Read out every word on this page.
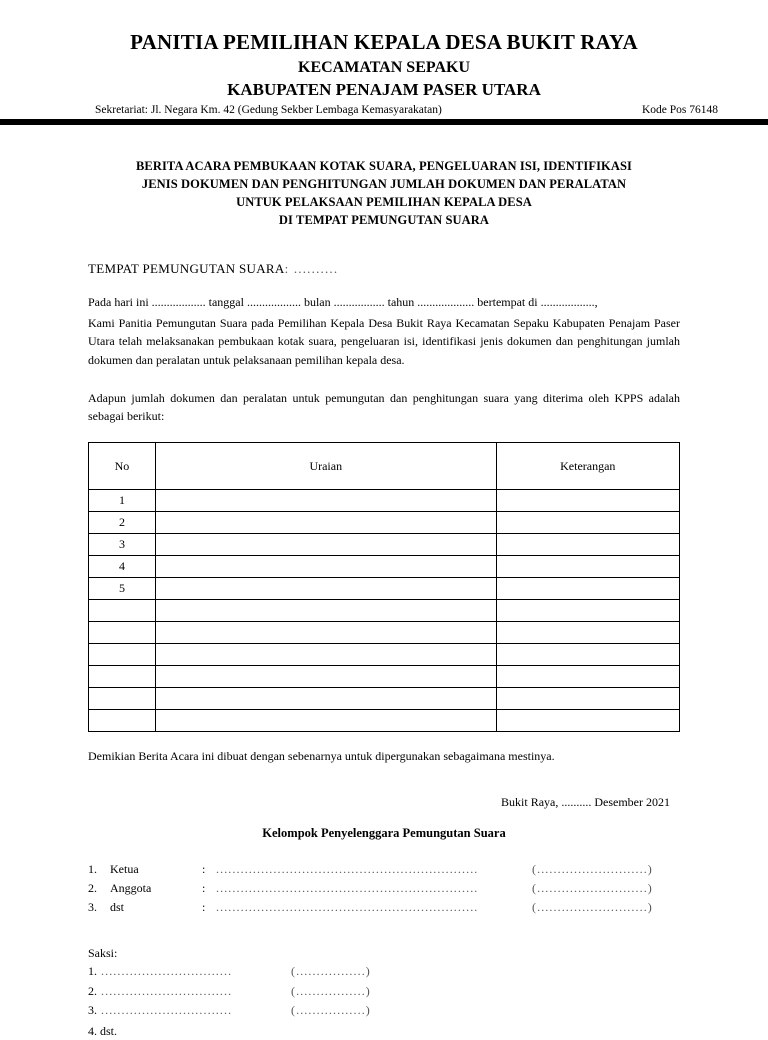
PANITIA PEMILIHAN KEPALA DESA BUKIT RAYA
KECAMATAN SEPAKU
KABUPATEN PENAJAM PASER UTARA
Sekretariat: Jl. Negara Km. 42 (Gedung Sekber Lembaga Kemasyarakatan)	Kode Pos 76148
BERITA ACARA PEMBUKAAN KOTAK SUARA, PENGELUARAN ISI, IDENTIFIKASI
JENIS DOKUMEN DAN PENGHITUNGAN JUMLAH DOKUMEN DAN PERALATAN
UNTUK PELAKSAAN PEMILIHAN KEPALA DESA
DI TEMPAT PEMUNGUTAN SUARA
TEMPAT PEMUNGUTAN SUARA: ..........
Pada hari ini .................. tanggal .................. bulan ................. tahun ................... bertempat di ..................,
Kami Panitia Pemungutan Suara pada Pemilihan Kepala Desa Bukit Raya Kecamatan Sepaku Kabupaten Penajam Paser Utara telah melaksanakan pembukaan kotak suara, pengeluaran isi, identifikasi jenis dokumen dan penghitungan jumlah dokumen dan peralatan untuk pelaksanaan pemilihan kepala desa.
Adapun jumlah dokumen dan peralatan untuk pemungutan dan penghitungan suara yang diterima oleh KPPS adalah sebagai berikut:
No	Uraian	Keterangan
1		
2		
3		
4		
5		

Demikian Berita Acara ini dibuat dengan sebenarnya untuk dipergunakan sebagaimana mestinya.
Bukit Raya, .......... Desember 2021
Kelompok Penyelenggara Pemungutan Suara
1.	Ketua	: ................................................................	(...........................)
2.	Anggota	: ................................................................	(...........................)
3.	dst	: ................................................................	(...........................)
Saksi:
1. ................................	(.................)
2. ................................	(.................)
3. ................................	(.................)
4. dst.
